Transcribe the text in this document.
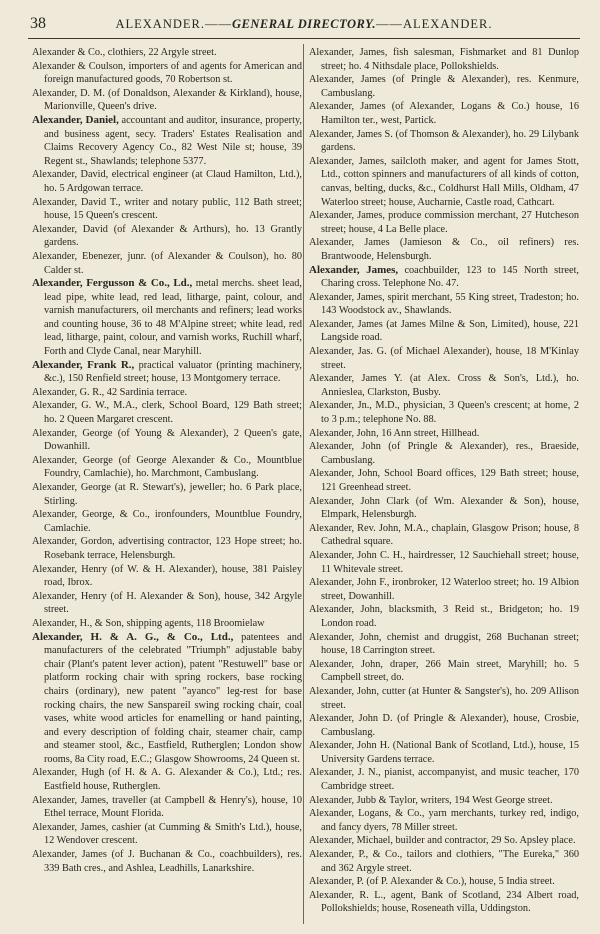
38	ALEXANDER.——GENERAL DIRECTORY.——ALEXANDER.

Alexander & Co., clothiers, 22 Argyle street.

Alexander & Coulson, importers of and agents for American and foreign manufactured goods, 70 Robertson st.

Alexander, D. M. (of Donaldson, Alexander & Kirkland), house, Marionville, Queen's drive.

Alexander, Daniel, accountant and auditor, insurance, property, and business agent, secy. Traders' Estates Realisation and Claims Recovery Agency Co., 82 West Nile st; house, 39 Regent st., Shawlands; telephone 5377.

Alexander, David, electrical engineer (at Claud Hamilton, Ltd.), ho. 5 Ardgowan terrace.

Alexander, David T., writer and notary public, 112 Bath street; house, 15 Queen's crescent.

Alexander, David (of Alexander & Arthurs), ho. 13 Grantly gardens.

Alexander, Ebenezer, junr. (of Alexander & Coulson), ho. 80 Calder st.

Alexander, Fergusson & Co., Ld., metal merchs. sheet lead, lead pipe, white lead, red lead, litharge, paint, colour, and varnish manufacturers, oil merchants and refiners; lead works and counting house, 36 to 48 M'Alpine street; white lead, red lead, litharge, paint, colour, and varnish works, Ruchill wharf, Forth and Clyde Canal, near Maryhill.

Alexander, Frank R., practical valuator (printing machinery, &c.), 150 Renfield street; house, 13 Montgomery terrace.

Alexander, G. R., 42 Sardinia terrace.

Alexander, G. W., M.A., clerk, School Board, 129 Bath street; ho. 2 Queen Margaret crescent.

Alexander, George (of Young & Alexander), 2 Queen's gate, Dowanhill.

Alexander, George (of George Alexander & Co., Mountblue Foundry, Camlachie), ho. Marchmont, Cambuslang.

Alexander, George (at R. Stewart's), jeweller; ho. 6 Park place, Stirling.

Alexander, George, & Co., ironfounders, Mountblue Foundry, Camlachie.

Alexander, Gordon, advertising contractor, 123 Hope street; ho. Rosebank terrace, Helensburgh.

Alexander, Henry (of W. & H. Alexander), house, 381 Paisley road, Ibrox.

Alexander, Henry (of H. Alexander & Son), house, 342 Argyle street.

Alexander, H., & Son, shipping agents, 118 Broomielaw

Alexander, H. & A. G., & Co., Ltd., patentees and manufacturers of the celebrated "Triumph" adjustable baby chair (Plant's patent lever action), patent "Restuwell" base or platform rocking chair with spring rockers, base rocking chairs (ordinary), new patent "ayanco" leg-rest for base rocking chairs, the new Sanspareil swing rocking chair, coal vases, white wood articles for enamelling or hand painting, and every description of folding chair, steamer chair, camp and steamer stool, &c., Eastfield, Rutherglen; London show rooms, 8a City road, E.C.; Glasgow Showrooms, 24 Queen st.

Alexander, Hugh (of H. & A. G. Alexander & Co.), Ltd.; res. Eastfield house, Rutherglen.

Alexander, James, traveller (at Campbell & Henry's), house, 10 Ethel terrace, Mount Florida.

Alexander, James, cashier (at Cumming & Smith's Ltd.), house, 12 Wendover crescent.

Alexander, James (of J. Buchanan & Co., coachbuilders), res. 339 Bath cres., and Ashlea, Leadhills, Lanarkshire.

Alexander, James, fish salesman, Fishmarket and 81 Dunlop street; ho. 4 Nithsdale place, Pollokshields.

Alexander, James (of Pringle & Alexander), res. Kenmure, Cambuslang.

Alexander, James (of Alexander, Logans & Co.) house, 16 Hamilton ter., west, Partick.

Alexander, James S. (of Thomson & Alexander), ho. 29 Lilybank gardens.

Alexander, James, sailcloth maker, and agent for James Stott, Ltd., cotton spinners and manufacturers of all kinds of cotton, canvas, belting, ducks, &c., Coldhurst Hall Mills, Oldham, 47 Waterloo street; house, Aucharnie, Castle road, Cathcart.

Alexander, James, produce commission merchant, 27 Hutcheson street; house, 4 La Belle place.

Alexander, James (Jamieson & Co., oil refiners) res. Brantwoode, Helensburgh.

Alexander, James, coachbuilder, 123 to 145 North street, Charing cross. Telephone No. 47.

Alexander, James, spirit merchant, 55 King street, Tradeston; ho. 143 Woodstock av., Shawlands.

Alexander, James (at James Milne & Son, Limited), house, 221 Langside road.

Alexander, Jas. G. (of Michael Alexander), house, 18 M'Kinlay street.

Alexander, James Y. (at Alex. Cross & Son's, Ltd.), ho. Annieslea, Clarkston, Busby.

Alexander, Jn., M.D., physician, 3 Queen's crescent; at home, 2 to 3 p.m.; telephone No. 88.

Alexander, John, 16 Ann street, Hillhead.

Alexander, John (of Pringle & Alexander), res., Braeside, Cambuslang.

Alexander, John, School Board offices, 129 Bath street; house, 121 Greenhead street.

Alexander, John Clark (of Wm. Alexander & Son), house, Elmpark, Helensburgh.

Alexander, Rev. John, M.A., chaplain, Glasgow Prison; house, 8 Cathedral square.

Alexander, John C. H., hairdresser, 12 Sauchiehall street; house, 11 Whitevale street.

Alexander, John F., ironbroker, 12 Waterloo street; ho. 19 Albion street, Dowanhill.

Alexander, John, blacksmith, 3 Reid st., Bridgeton; ho. 19 London road.

Alexander, John, chemist and druggist, 268 Buchanan street; house, 18 Carrington street.

Alexander, John, draper, 266 Main street, Maryhill; ho. 5 Campbell street, do.

Alexander, John, cutter (at Hunter & Sangster's), ho. 209 Allison street.

Alexander, John D. (of Pringle & Alexander), house, Crosbie, Cambuslang.

Alexander, John H. (National Bank of Scotland, Ltd.), house, 15 University Gardens terrace.

Alexander, J. N., pianist, accompanyist, and music teacher, 170 Cambridge street.

Alexander, Jubb & Taylor, writers, 194 West George street.

Alexander, Logans, & Co., yarn merchants, turkey red, indigo, and fancy dyers, 78 Miller street.

Alexander, Michael, builder and contractor, 29 So. Apsley place.

Alexander, P., & Co., tailors and clothiers, "The Eureka," 360 and 362 Argyle street.

Alexander, P. (of P. Alexander & Co.), house, 5 India street.

Alexander, R. L., agent, Bank of Scotland, 234 Albert road, Pollokshields; house, Roseneath villa, Uddingston.
